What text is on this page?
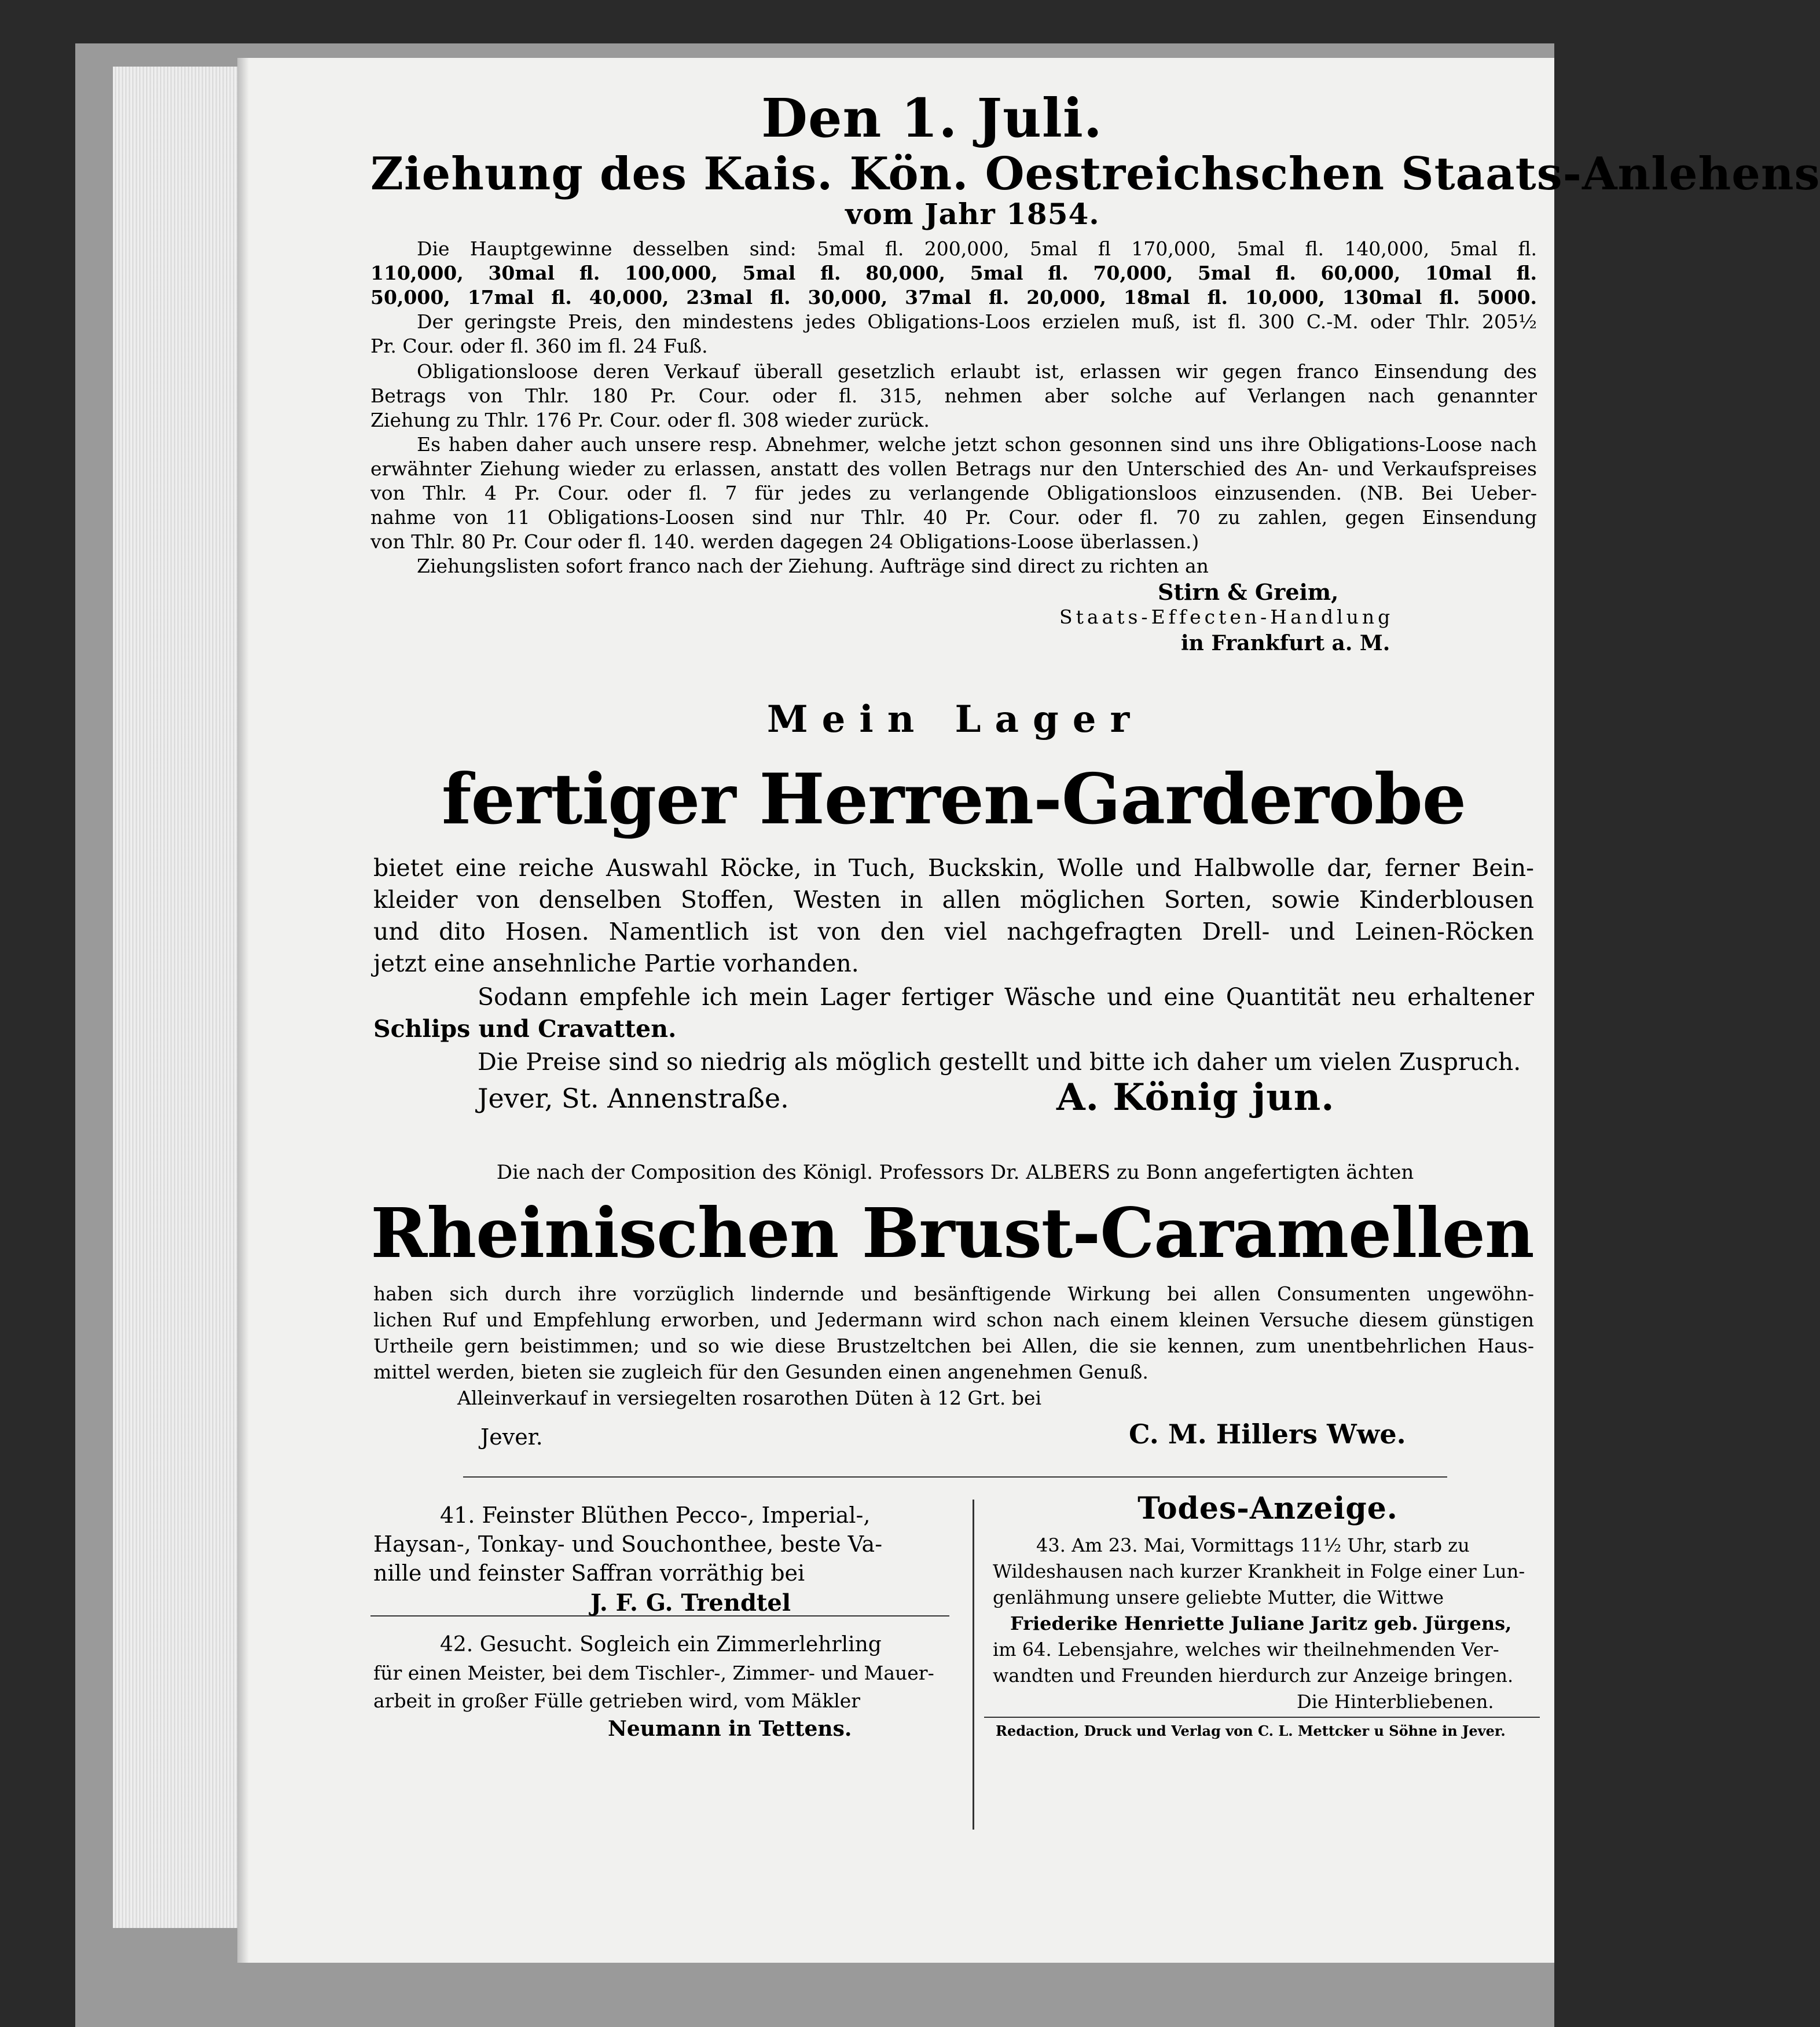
Den 1. Juli.
Ziehung des Kais. Kön. Oestreichschen Staats-Anlehens
vom Jahr 1854.
Die Hauptgewinne desselben sind: 5mal fl. 200,000, 5mal fl 170,000, 5mal fl. 140,000, 5mal fl.
110,000, 30mal fl. 100,000, 5mal fl. 80,000, 5mal fl. 70,000, 5mal fl. 60,000, 10mal fl.
50,000, 17mal fl. 40,000, 23mal fl. 30,000, 37mal fl. 20,000, 18mal fl. 10,000, 130mal fl. 5000.
Der geringste Preis, den mindestens jedes Obligations-Loos erzielen muß, ist fl. 300 C.-M. oder Thlr. 205½
Pr. Cour. oder fl. 360 im fl. 24 Fuß.
Obligationsloose deren Verkauf überall gesetzlich erlaubt ist, erlassen wir gegen franco Einsendung des
Betrags von Thlr. 180 Pr. Cour. oder fl. 315, nehmen aber solche auf Verlangen nach genannter
Ziehung zu Thlr. 176 Pr. Cour. oder fl. 308 wieder zurück.
Es haben daher auch unsere resp. Abnehmer, welche jetzt schon gesonnen sind uns ihre Obligations-Loose nach
erwähnter Ziehung wieder zu erlassen, anstatt des vollen Betrags nur den Unterschied des An- und Verkaufspreises
von Thlr. 4 Pr. Cour. oder fl. 7 für jedes zu verlangende Obligationsloos einzusenden. (NB. Bei Ueber-
nahme von 11 Obligations-Loosen sind nur Thlr. 40 Pr. Cour. oder fl. 70 zu zahlen, gegen Einsendung
von Thlr. 80 Pr. Cour oder fl. 140. werden dagegen 24 Obligations-Loose überlassen.)
Ziehungslisten sofort franco nach der Ziehung. Aufträge sind direct zu richten an
Stirn & Greim,
Staats-Effecten-Handlung
in Frankfurt a. M.
Mein Lager
fertiger Herren-Garderobe
bietet eine reiche Auswahl Röcke, in Tuch, Buckskin, Wolle und Halbwolle dar, ferner Bein-
kleider von denselben Stoffen, Westen in allen möglichen Sorten, sowie Kinderblousen
und dito Hosen. Namentlich ist von den viel nachgefragten Drell- und Leinen-Röcken
jetzt eine ansehnliche Partie vorhanden.
Sodann empfehle ich mein Lager fertiger Wäsche und eine Quantität neu erhaltener
Schlips und Cravatten.
Die Preise sind so niedrig als möglich gestellt und bitte ich daher um vielen Zuspruch.
Jever, St. Annenstraße.	A. König jun.
Die nach der Composition des Königl. Professors Dr. ALBERS zu Bonn angefertigten ächten
Rheinischen Brust-Caramellen
haben sich durch ihre vorzüglich lindernde und besänftigende Wirkung bei allen Consumenten ungewöhn-
lichen Ruf und Empfehlung erworben, und Jedermann wird schon nach einem kleinen Versuche diesem günstigen
Urtheile gern beistimmen; und so wie diese Brustzeltchen bei Allen, die sie kennen, zum unentbehrlichen Haus-
mittel werden, bieten sie zugleich für den Gesunden einen angenehmen Genuß.
Alleinverkauf in versiegelten rosarothen Düten à 12 Grt. bei
Jever.	C. M. Hillers Wwe.
41. Feinster Blüthen Pecco-, Imperial-,
Haysan-, Tonkay- und Souchonthee, beste Va-
nille und feinster Saffran vorräthig bei
J. F. G. Trendtel
42. Gesucht. Sogleich ein Zimmerlehrling
für einen Meister, bei dem Tischler-, Zimmer- und Mauer-
arbeit in großer Fülle getrieben wird, vom Mäkler
Neumann in Tettens.
Todes-Anzeige.
43. Am 23. Mai, Vormittags 11½ Uhr, starb zu
Wildeshausen nach kurzer Krankheit in Folge einer Lun-
genlähmung unsere geliebte Mutter, die Wittwe
Friederike Henriette Juliane Jaritz geb. Jürgens,
im 64. Lebensjahre, welches wir theilnehmenden Ver-
wandten und Freunden hierdurch zur Anzeige bringen.
Die Hinterbliebenen.
Redaction, Druck und Verlag von C. L. Mettcker u Söhne in Jever.
